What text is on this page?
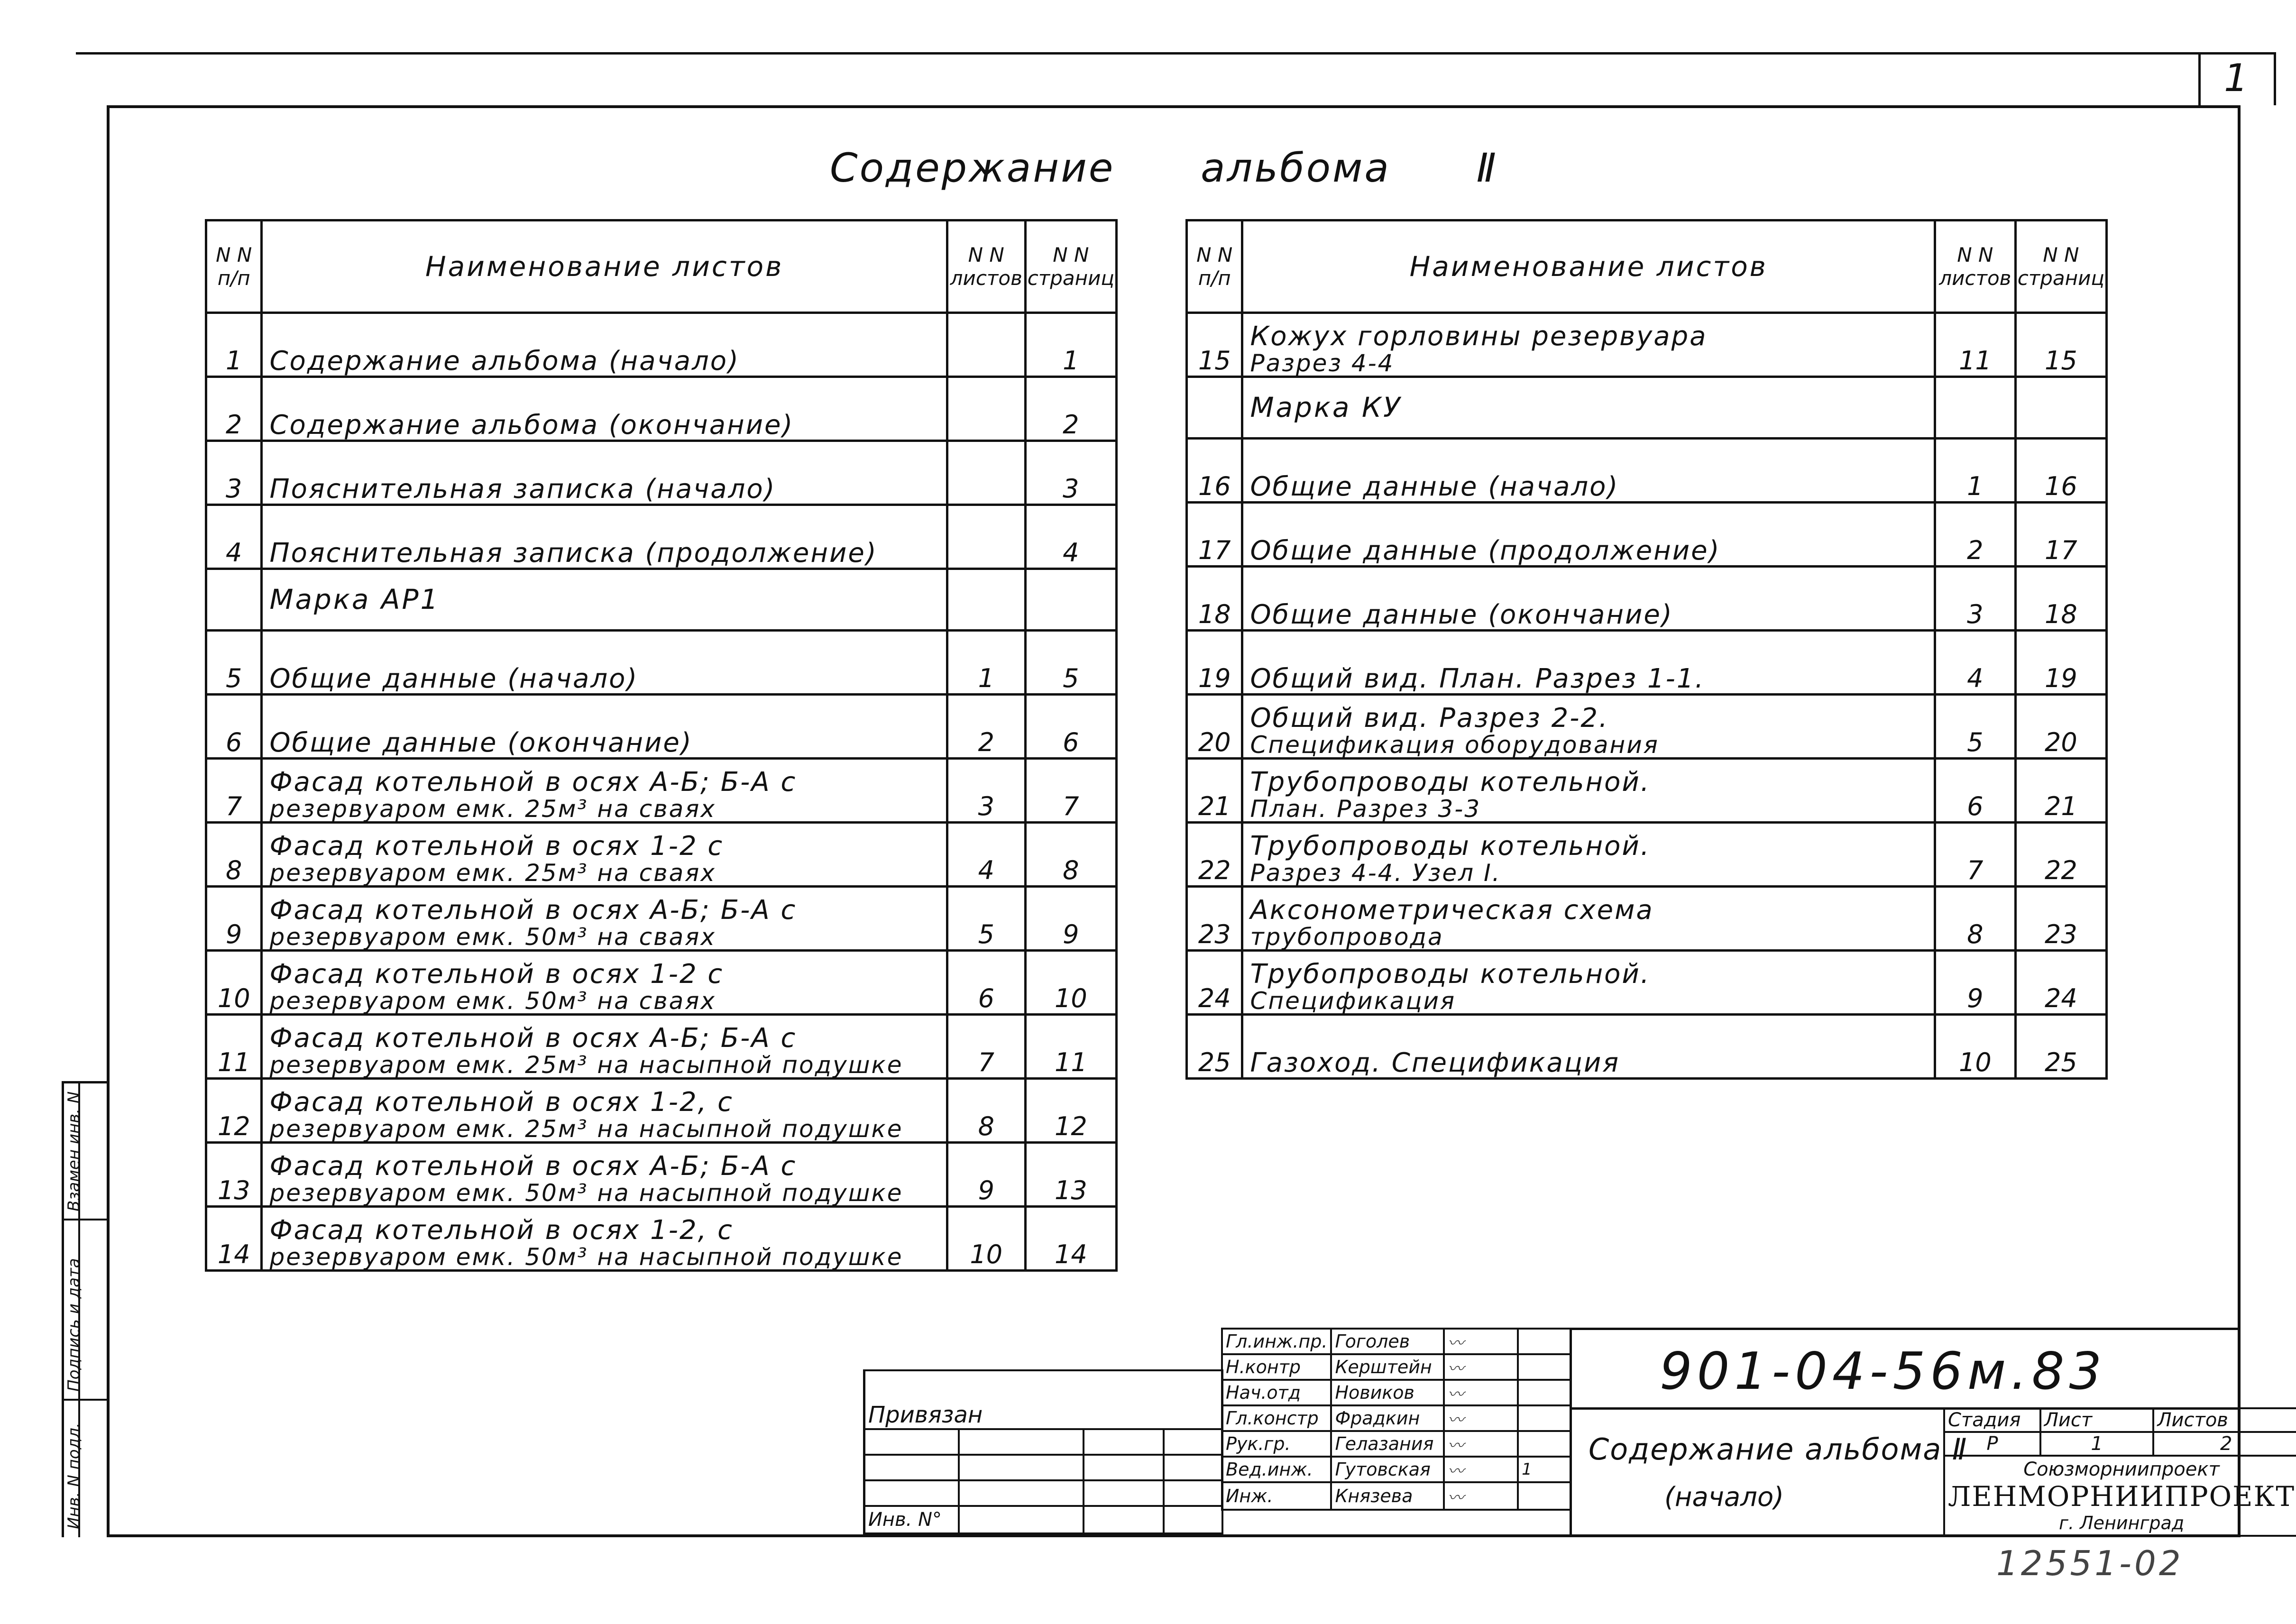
1
Инв. N подл.
Подпись и дата
Взамен инв. N
Содержание альбома Ⅱ
N N п/п	Наименование листов	N N листов	N N страниц
1	Содержание альбома (начало)		1
2	Содержание альбома (окончание)		2
3	Пояснительная записка (начало)		3
4	Пояснительная записка (продолжение)		4
	Марка АР1		
5	Общие данные (начало)	1	5
6	Общие данные (окончание)	2	6
7	Фасад котельной в осях А-Б; Б-А с
резервуаром емк. 25м³ на сваях	3	7
8	Фасад котельной в осях 1-2 с
резервуаром емк. 25м³ на сваях	4	8
9	Фасад котельной в осях А-Б; Б-А с
резервуаром емк. 50м³ на сваях	5	9
10	Фасад котельной в осях 1-2 с
резервуаром емк. 50м³ на сваях	6	10
11	Фасад котельной в осях А-Б; Б-А с
резервуаром емк. 25м³ на насыпной подушке	7	11
12	Фасад котельной в осях 1-2, с
резервуаром емк. 25м³ на насыпной подушке	8	12
13	Фасад котельной в осях А-Б; Б-А с
резервуаром емк. 50м³ на насыпной подушке	9	13
14	Фасад котельной в осях 1-2, с
резервуаром емк. 50м³ на насыпной подушке	10	14
N N п/п	Наименование листов	N N листов	N N страниц
15	Кожух горловины резервуара
Разрез 4-4	11	15
	Марка КУ		
16	Общие данные (начало)	1	16
17	Общие данные (продолжение)	2	17
18	Общие данные (окончание)	3	18
19	Общий вид. План. Разрез 1-1.	4	19
20	Общий вид. Разрез 2-2.
Спецификация оборудования	5	20
21	Трубопроводы котельной.
План. Разрез 3-3	6	21
22	Трубопроводы котельной.
Разрез 4-4. Узел I.	7	22
23	Аксонометрическая схема
трубопровода	8	23
24	Трубопроводы котельной.
Спецификация	9	24
25	Газоход. Спецификация	10	25
Привязан			

Инв. N°			
Гл.инж.пр.	Гоголев	〰	
Н.контр	Керштейн	〰	
Нач.отд	Новиков	〰	
Гл.констр	Фрадкин	〰	
Рук.гр.	Гелазания	〰	
Вед.инж.	Гутовская	〰	1
Инж.	Князева	〰	
901-04-56м.83
Содержание альбома Ⅱ
(начало)
Стадия	Лист	Листов
Р	1	2

Союзморниипроект
ЛЕНМОРНИИПРОЕКТ
г. Ленинград		
12551-02
